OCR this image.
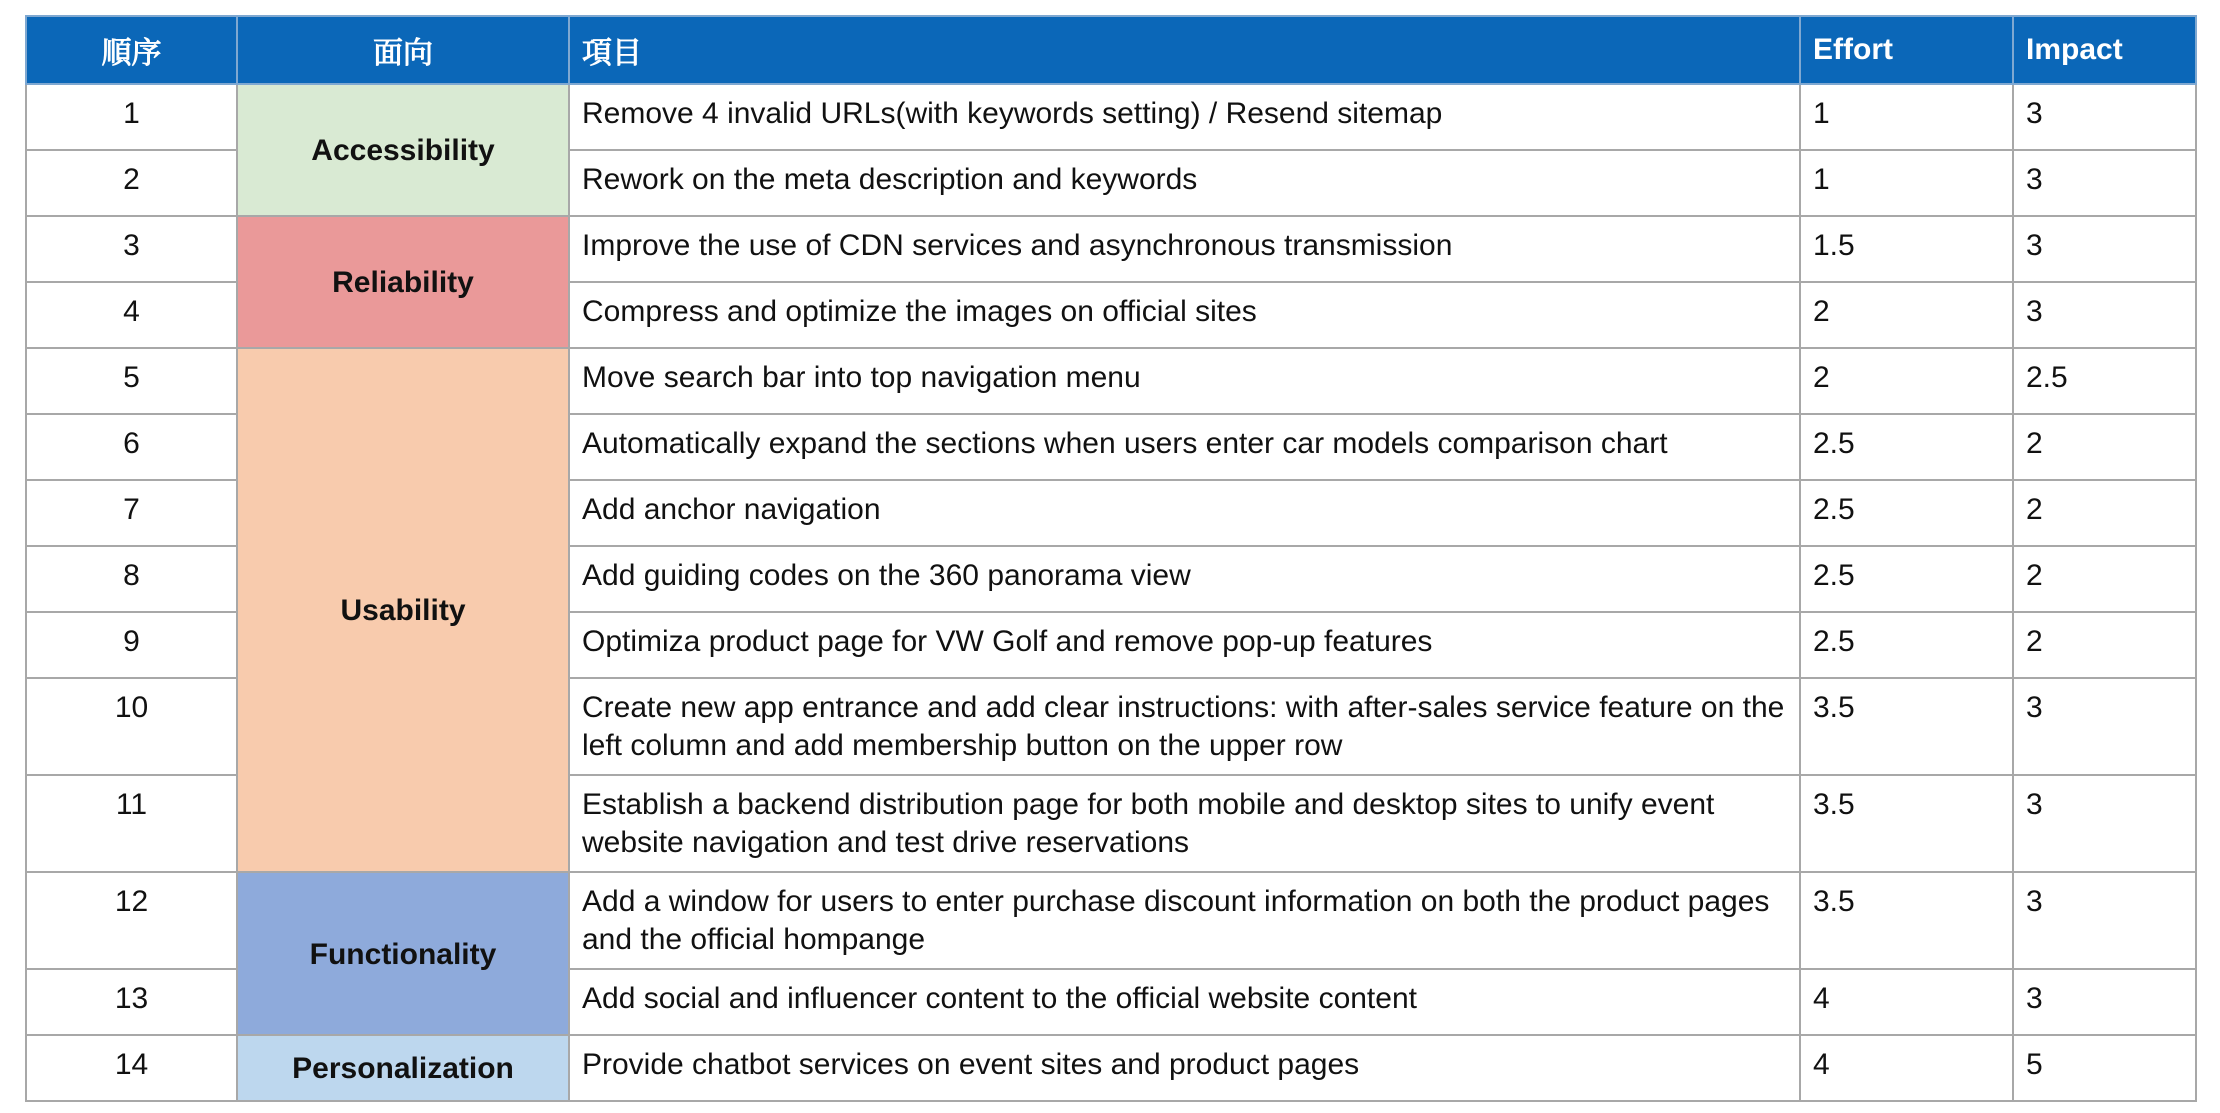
順序	面向	項目	Effort	Impact
1	Accessibility	Remove 4 invalid URLs(with keywords setting) / Resend sitemap	1	3
2		Rework on the meta description and keywords	1	3
3	Reliability	Improve the use of CDN services and asynchronous transmission	1.5	3
4		Compress and optimize the images on official sites	2	3
5	Usability	Move search bar into top navigation menu	2	2.5
6		Automatically expand the sections when users enter car models comparison chart	2.5	2
7		Add anchor navigation	2.5	2
8		Add guiding codes on the 360 panorama view	2.5	2
9		Optimiza product page for VW Golf and remove pop-up features	2.5	2
10		Create new app entrance and add clear instructions: with after-sales service feature on the left column and add membership button on the upper row	3.5	3
11		Establish a backend distribution page for both mobile and desktop sites to unify event website navigation and test drive reservations	3.5	3
12	Functionality	Add a window for users to enter purchase discount information on both the product pages and the official hompange	3.5	3
13		Add social and influencer content to the official website content	4	3
14	Personalization	Provide chatbot services on event sites and product pages	4	5
